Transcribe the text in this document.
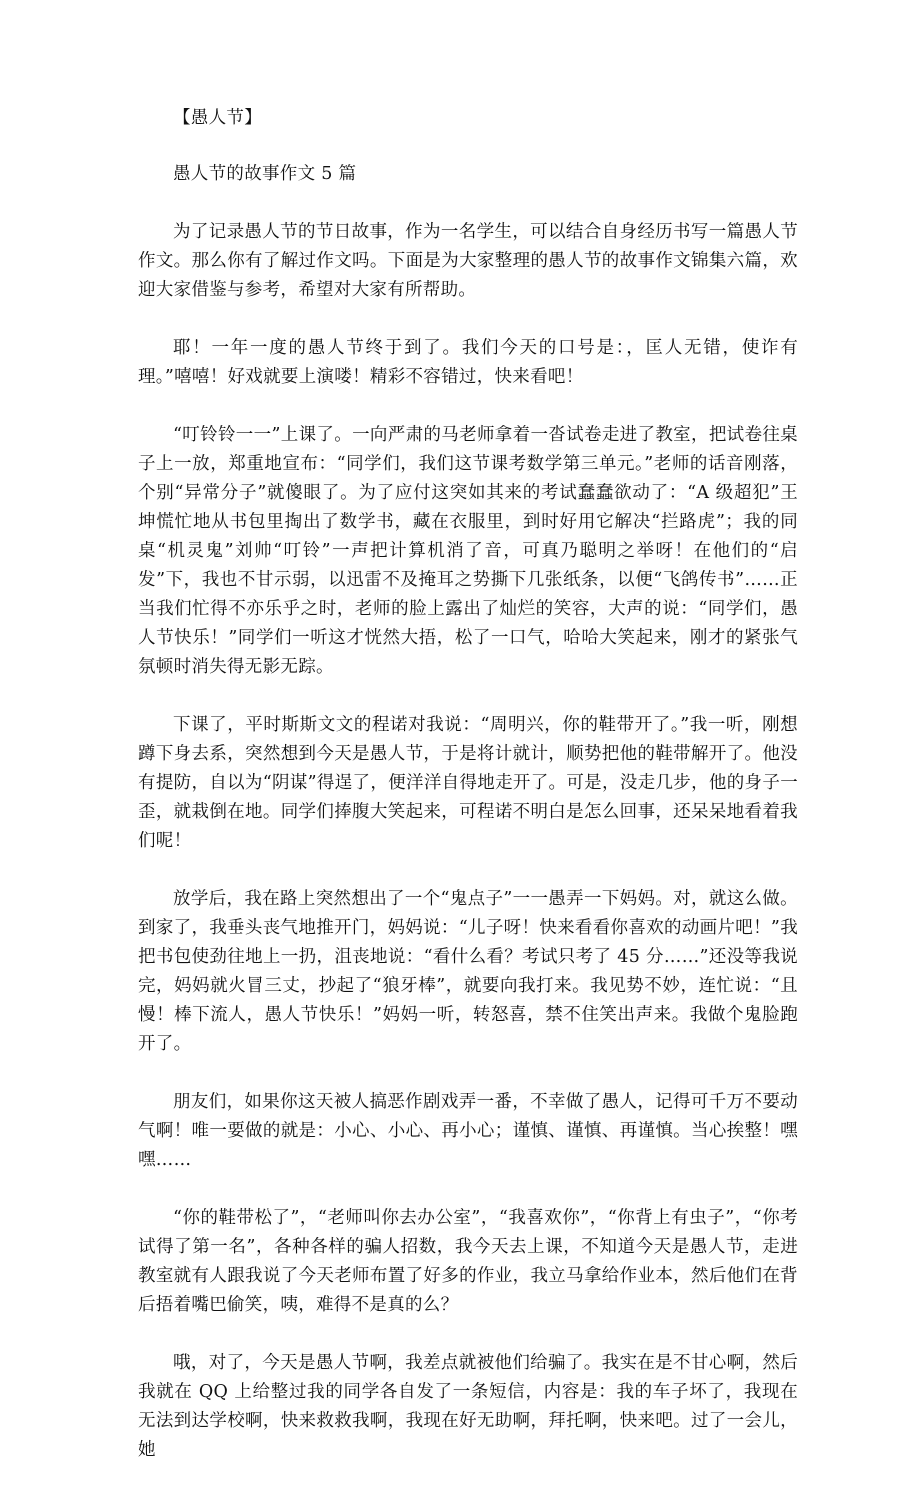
【愚人节】

愚人节的故事作文 5 篇

为了记录愚人节的节日故事，作为一名学生，可以结合自身经历书写一篇愚人节作文。那么你有了解过作文吗。下面是为大家整理的愚人节的故事作文锦集六篇，欢迎大家借鉴与参考，希望对大家有所帮助。

耶！一年一度的愚人节终于到了。我们今天的口号是：，匡人无错，使诈有理。”嘻嘻！好戏就要上演喽！精彩不容错过，快来看吧！

“叮铃铃一一”上课了。一向严肃的马老师拿着一沓试卷走进了教室，把试卷往桌子上一放，郑重地宣布：“同学们，我们这节课考数学第三单元。”老师的话音刚落，个别“异常分子”就傻眼了。为了应付这突如其来的考试蠢蠢欲动了：“A 级超犯”王坤慌忙地从书包里掏出了数学书，藏在衣服里，到时好用它解决“拦路虎”；我的同桌“机灵鬼”刘帅“叮铃”一声把计算机消了音，可真乃聪明之举呀！在他们的“启发”下，我也不甘示弱，以迅雷不及掩耳之势撕下几张纸条，以便“飞鸽传书”……正当我们忙得不亦乐乎之时，老师的脸上露出了灿烂的笑容，大声的说：“同学们，愚人节快乐！”同学们一听这才恍然大捂，松了一口气，哈哈大笑起来，刚才的紧张气氛顿时消失得无影无踪。

下课了，平时斯斯文文的程诺对我说：“周明兴，你的鞋带开了。”我一听，刚想蹲下身去系，突然想到今天是愚人节，于是将计就计，顺势把他的鞋带解开了。他没有提防，自以为“阴谋”得逞了，便洋洋自得地走开了。可是，没走几步，他的身子一歪，就栽倒在地。同学们捧腹大笑起来，可程诺不明白是怎么回事，还呆呆地看着我们呢！

放学后，我在路上突然想出了一个“鬼点子”一一愚弄一下妈妈。对，就这么做。到家了，我垂头丧气地推开门，妈妈说：“儿子呀！快来看看你喜欢的动画片吧！”我把书包使劲往地上一扔，沮丧地说：“看什么看？考试只考了 45 分……”还没等我说完，妈妈就火冒三丈，抄起了“狼牙棒”，就要向我打来。我见势不妙，连忙说：“且慢！棒下流人，愚人节快乐！”妈妈一听，转怒喜，禁不住笑出声来。我做个鬼脸跑开了。

朋友们，如果你这天被人搞恶作剧戏弄一番，不幸做了愚人，记得可千万不要动气啊！唯一要做的就是：小心、小心、再小心；谨慎、谨慎、再谨慎。当心挨整！嘿嘿……

“你的鞋带松了”，“老师叫你去办公室”，“我喜欢你”，“你背上有虫子”，“你考试得了第一名”，各种各样的骗人招数，我今天去上课，不知道今天是愚人节，走进教室就有人跟我说了今天老师布置了好多的作业，我立马拿给作业本，然后他们在背后捂着嘴巴偷笑，咦，难得不是真的么？

哦，对了，今天是愚人节啊，我差点就被他们给骗了。我实在是不甘心啊，然后我就在 QQ 上给整过我的同学各自发了一条短信，内容是：我的车子坏了，我现在无法到达学校啊，快来救救我啊，我现在好无助啊，拜托啊，快来吧。过了一会儿，她
